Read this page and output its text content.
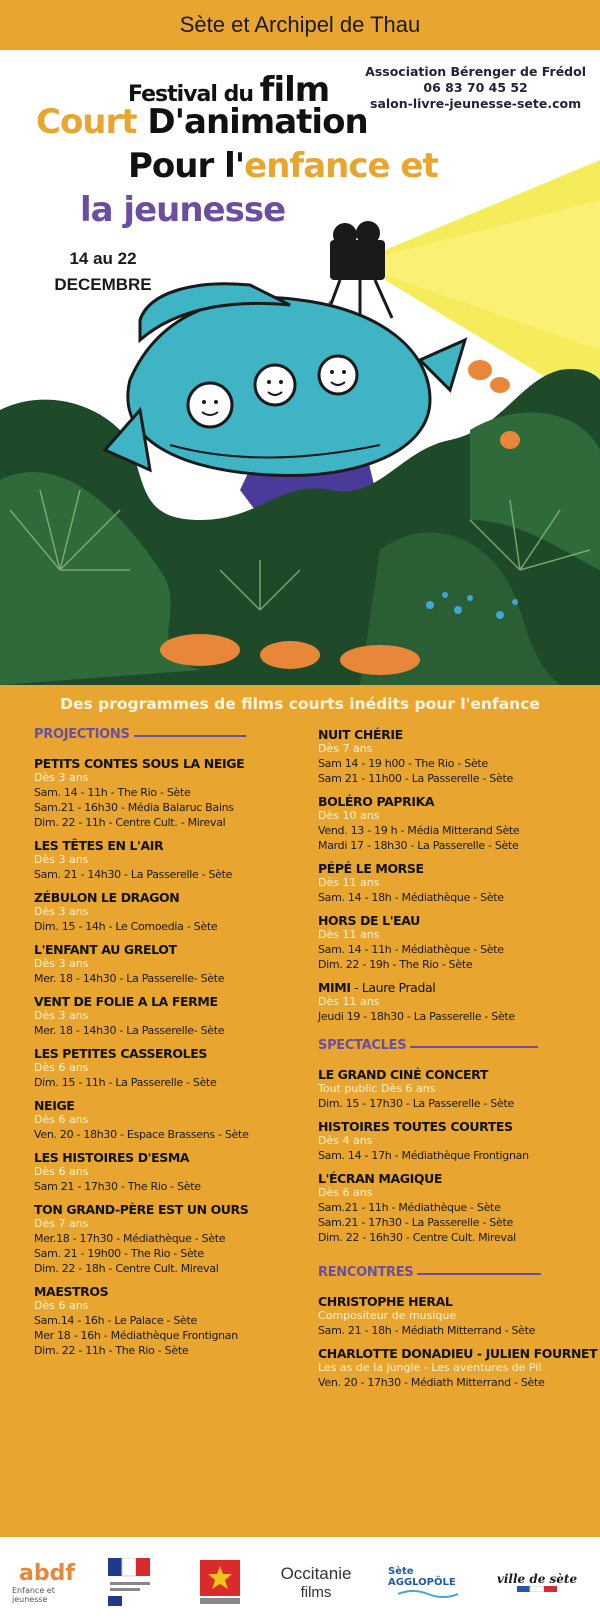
Sète et Archipel de Thau
Association Bérenger de Frédol
06 83 70 45 52
salon-livre-jeunesse-sete.com
Festival du film
Court D'animation
Pour l'enfance et
la jeunesse
14 au 22
DECEMBRE
Des programmes de films courts inédits pour l'enfance
PROJECTIONS
PETITS CONTES SOUS LA NEIGE
Dès 3 ans
Sam. 14 - 11h - The Rio - Sète
Sam.21 - 16h30 - Média Balaruc Bains
Dim. 22 - 11h - Centre Cult. - Mireval
LES TÊTES EN L'AIR
Dès 3 ans
Sam. 21 - 14h30 - La Passerelle - Sète
ZÉBULON LE DRAGON
Dès 3 ans
Dim. 15 - 14h - Le Comoedia - Sète
L'ENFANT AU GRELOT
Dès 3 ans
Mer. 18 - 14h30 - La Passerelle- Sète
VENT DE FOLIE A LA FERME
Dès 3 ans
Mer. 18 - 14h30 - La Passerelle- Sète
LES PETITES CASSEROLES
Dès 6 ans
Dim. 15 - 11h - La Passerelle - Sète
NEIGE
Dès 6 ans
Ven. 20 - 18h30 - Espace Brassens - Sète
LES HISTOIRES D'ESMA
Dès 6 ans
Sam 21 - 17h30 - The Rio - Sète
TON GRAND-PÈRE EST UN OURS
Dès 7 ans
Mer.18 - 17h30 - Médiathèque - Sète
Sam. 21 - 19h00 - The Rio - Sète
Dim. 22 - 18h - Centre Cult. Mireval
MAESTROS
Dès 6 ans
Sam.14 - 16h - Le Palace - Sète
Mer 18 - 16h - Médiathèque Frontignan
Dim. 22 - 11h - The Rio - Sète
NUIT CHÉRIE
Dès 7 ans
Sam 14 - 19 h00 - The Rio - Sète
Sam 21 - 11h00 - La Passerelle - Sète
BOLÉRO PAPRIKA
Dès 10 ans
Vend. 13 - 19 h - Média Mitterand Sète
Mardi 17 - 18h30 - La Passerelle - Sète
PÉPÉ LE MORSE
Dès 11 ans
Sam. 14 - 18h - Médiathèque - Sète
HORS DE L'EAU
Dès 11 ans
Sam. 14 - 11h - Médiathèque - Sète
Dim. 22 - 19h - The Rio - Sète
MIMI - Laure Pradal
Dès 11 ans
Jeudi 19 - 18h30 - La Passerelle - Sète
SPECTACLES
LE GRAND CINÉ CONCERT
Tout public Dès 6 ans
Dim. 15 - 17h30 - La Passerelle - Sète
HISTOIRES TOUTES COURTES
Dès 4 ans
Sam. 14 - 17h - Médiathèque Frontignan
L'ÉCRAN MAGIQUE
Dès 6 ans
Sam.21 - 11h - Médiathèque - Sète
Sam.21 - 17h30 - La Passerelle - Sète
Dim. 22 - 16h30 - Centre Cult. Mireval
RENCONTRES
CHRISTOPHE HERAL
Compositeur de musique
Sam. 21 - 18h - Médiath Mitterrand - Sète
CHARLOTTE DONADIEU - JULIEN FOURNET
Les as de la jungle - Les aventures de Pil
Ven. 20 - 17h30 - Médiath Mitterrand - Sète
abdf
Enfance et jeunesse
Occitanie
films
Sète AGGLOPÔLE	ville de sète
